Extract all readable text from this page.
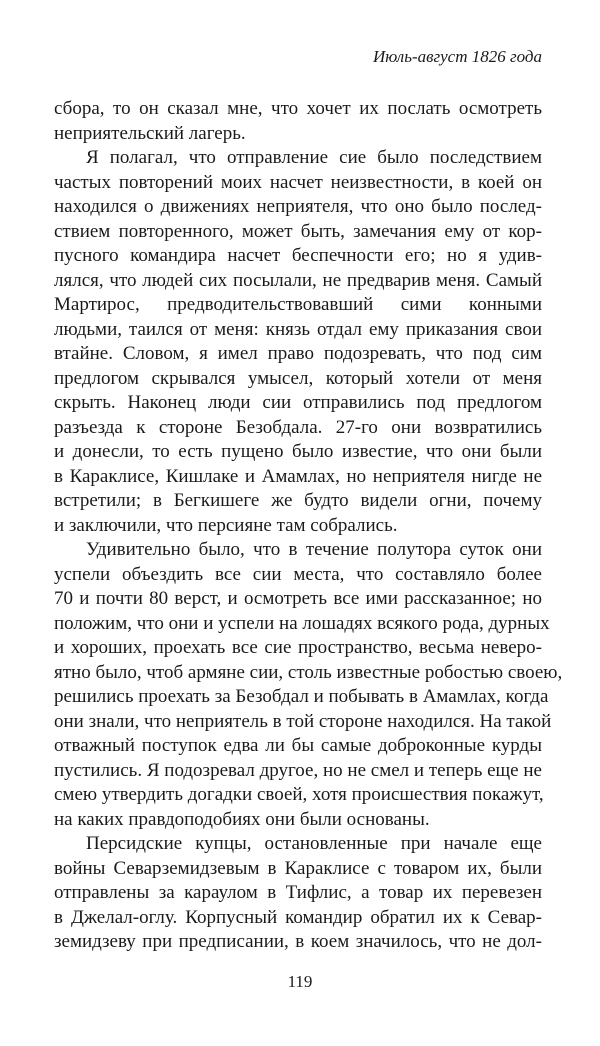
Июль-август 1826 года
сбора, то он сказал мне, что хочет их послать осмотреть
неприятельский лагерь.
Я полагал, что отправление сие было последствием
частых повторений моих насчет неизвестности, в коей он
находился о движениях неприятеля, что оно было послед-
ствием повторенного, может быть, замечания ему от кор-
пусного командира насчет беспечности его; но я удив-
лялся, что людей сих посылали, не предварив меня. Самый
Мартирос, предводительствовавший сими конными
людьми, таился от меня: князь отдал ему приказания свои
втайне. Словом, я имел право подозревать, что под сим
предлогом скрывался умысел, который хотели от меня
скрыть. Наконец люди сии отправились под предлогом
разъезда к стороне Безобдала. 27-го они возвратились
и донесли, то есть пущено было известие, что они были
в Караклисе, Кишлаке и Амамлах, но неприятеля нигде не
встретили; в Бегкишеге же будто видели огни, почему
и заключили, что персияне там собрались.
Удивительно было, что в течение полутора суток они
успели объездить все сии места, что составляло более
70 и почти 80 верст, и осмотреть все ими рассказанное; но
положим, что они и успели на лошадях всякого рода, дурных
и хороших, проехать все сие пространство, весьма неверо-
ятно было, чтоб армяне сии, столь известные робостью своею,
решились проехать за Безобдал и побывать в Амамлах, когда
они знали, что неприятель в той стороне находился. На такой
отважный поступок едва ли бы самые доброконные курды
пустились. Я подозревал другое, но не смел и теперь еще не
смею утвердить догадки своей, хотя происшествия покажут,
на каких правдоподобиях они были основаны.
Персидские купцы, остановленные при начале еще
войны Севарземидзевым в Караклисе с товаром их, были
отправлены за караулом в Тифлис, а товар их перевезен
в Джелал-оглу. Корпусный командир обратил их к Севар-
земидзеву при предписании, в коем значилось, что не дол-
119
